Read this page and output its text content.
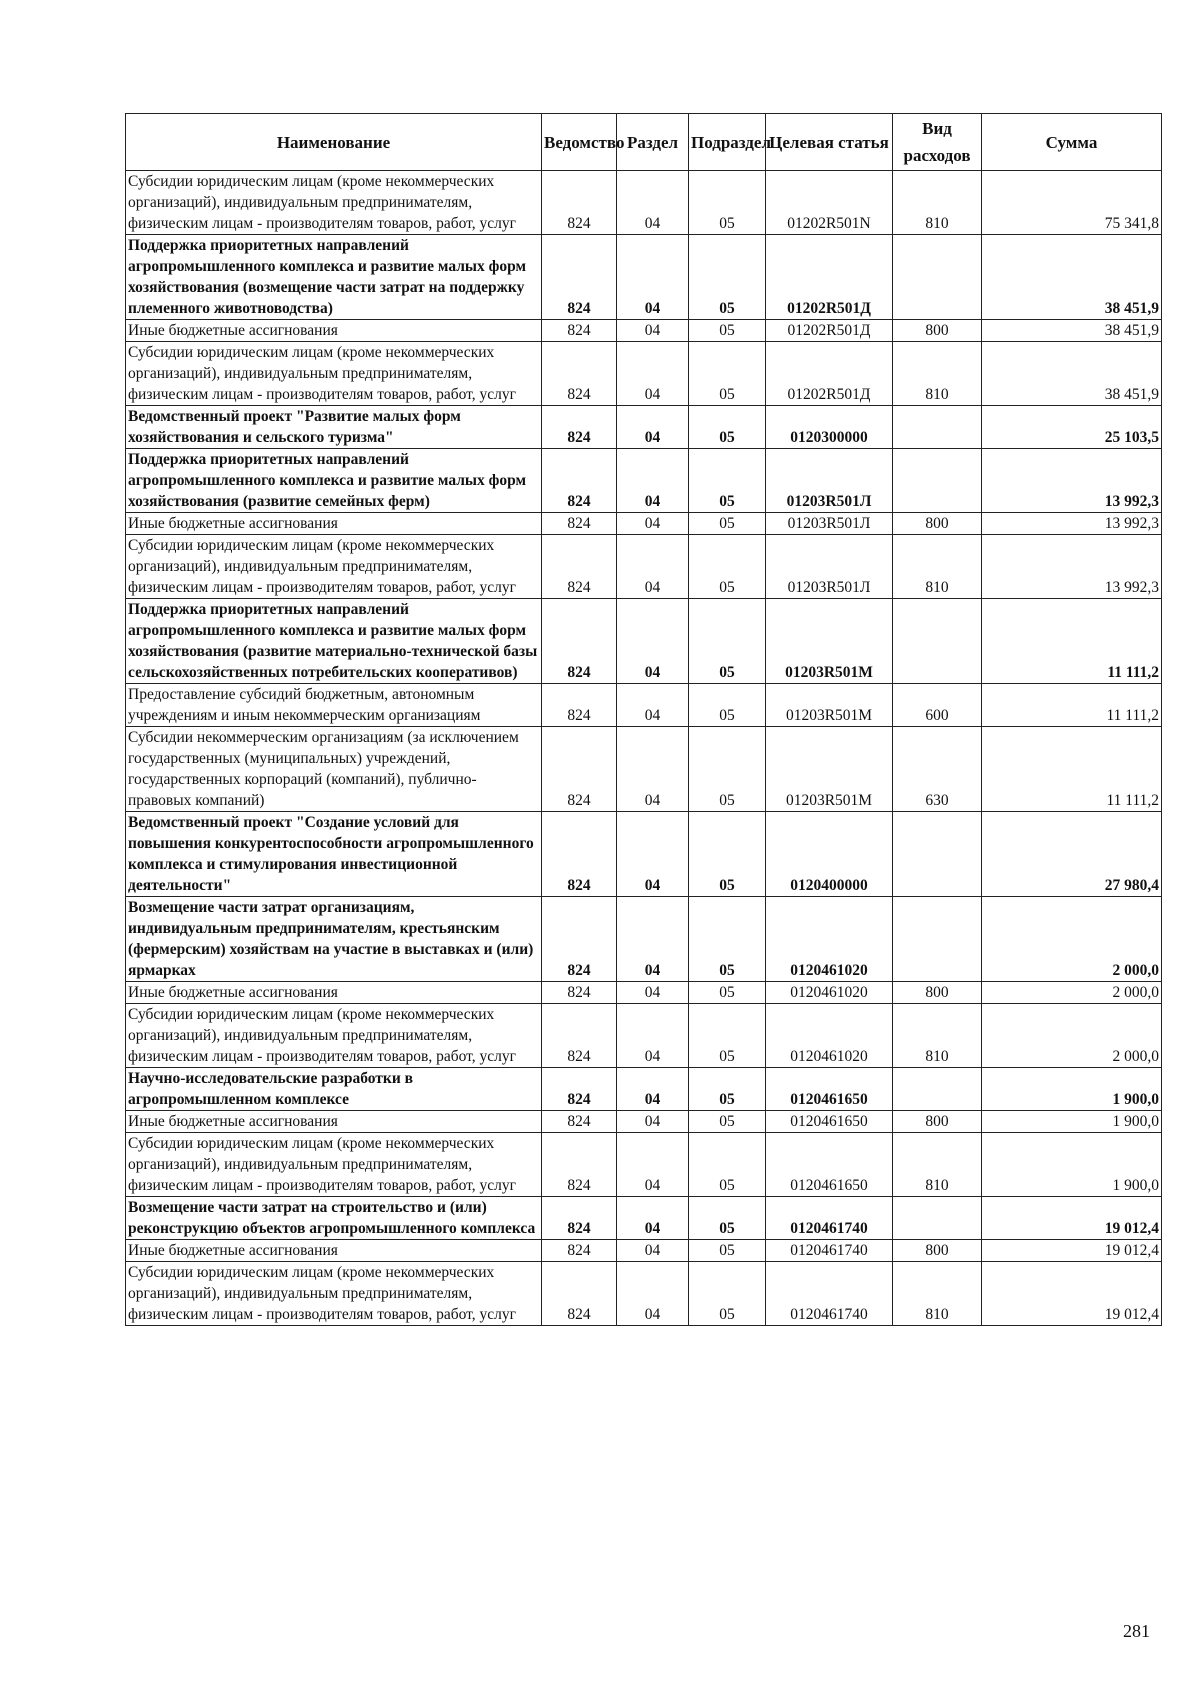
Наименование	Ведомство	Раздел	Подраздел	Целевая статья	Вид расходов	Сумма
Субсидии юридическим лицам (кроме некоммерческих организаций), индивидуальным предпринимателям, физическим лицам - производителям товаров, работ, услуг	824	04	05	01202R501N	810	75 341,8
Поддержка приоритетных направлений агропромышленного комплекса и развитие малых форм хозяйствования (возмещение части затрат на поддержку племенного животноводства)	824	04	05	01202R501Д		38 451,9
Иные бюджетные ассигнования	824	04	05	01202R501Д	800	38 451,9
Субсидии юридическим лицам (кроме некоммерческих организаций), индивидуальным предпринимателям, физическим лицам - производителям товаров, работ, услуг	824	04	05	01202R501Д	810	38 451,9
Ведомственный проект "Развитие малых форм хозяйствования и сельского туризма"	824	04	05	0120300000		25 103,5
Поддержка приоритетных направлений агропромышленного комплекса и развитие малых форм хозяйствования (развитие семейных ферм)	824	04	05	01203R501Л		13 992,3
Иные бюджетные ассигнования	824	04	05	01203R501Л	800	13 992,3
Субсидии юридическим лицам (кроме некоммерческих организаций), индивидуальным предпринимателям, физическим лицам - производителям товаров, работ, услуг	824	04	05	01203R501Л	810	13 992,3
Поддержка приоритетных направлений агропромышленного комплекса и развитие малых форм хозяйствования (развитие материально-технической базы сельскохозяйственных потребительских кооперативов)	824	04	05	01203R501M		11 111,2
Предоставление субсидий бюджетным, автономным учреждениям и иным некоммерческим организациям	824	04	05	01203R501M	600	11 111,2
Субсидии некоммерческим организациям (за исключением государственных (муниципальных) учреждений, государственных корпораций (компаний), публично-правовых компаний)	824	04	05	01203R501M	630	11 111,2
Ведомственный проект "Создание условий для повышения конкурентоспособности агропромышленного комплекса и стимулирования инвестиционной деятельности"	824	04	05	0120400000		27 980,4
Возмещение части затрат организациям, индивидуальным предпринимателям, крестьянским (фермерским) хозяйствам на участие в выставках и (или) ярмарках	824	04	05	0120461020		2 000,0
Иные бюджетные ассигнования	824	04	05	0120461020	800	2 000,0
Субсидии юридическим лицам (кроме некоммерческих организаций), индивидуальным предпринимателям, физическим лицам - производителям товаров, работ, услуг	824	04	05	0120461020	810	2 000,0
Научно-исследовательские разработки в агропромышленном комплексе	824	04	05	0120461650		1 900,0
Иные бюджетные ассигнования	824	04	05	0120461650	800	1 900,0
Субсидии юридическим лицам (кроме некоммерческих организаций), индивидуальным предпринимателям, физическим лицам - производителям товаров, работ, услуг	824	04	05	0120461650	810	1 900,0
Возмещение части затрат на строительство и (или) реконструкцию объектов агропромышленного комплекса	824	04	05	0120461740		19 012,4
Иные бюджетные ассигнования	824	04	05	0120461740	800	19 012,4
Субсидии юридическим лицам (кроме некоммерческих организаций), индивидуальным предпринимателям, физическим лицам - производителям товаров, работ, услуг	824	04	05	0120461740	810	19 012,4
281
